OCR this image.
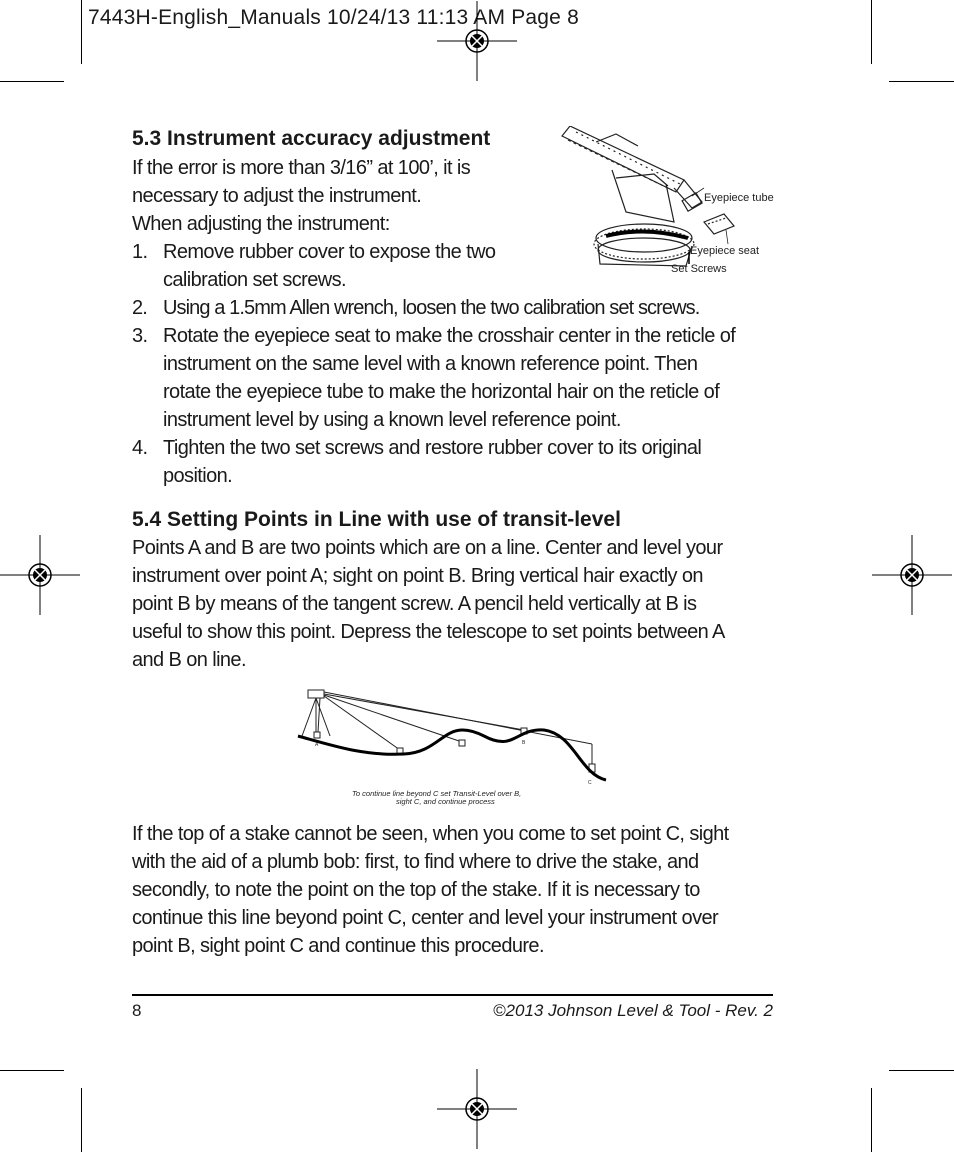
7443H-English_Manuals 10/24/13 11:13 AM Page 8
Eyepiece tube
Eyepiece seat
Set Screws
5.3 Instrument accuracy adjustment

If the error is more than 3/16” at 100’, it is

necessary to adjust the instrument.

When adjusting the instrument:

1. Remove rubber cover to expose the two
calibration set screws.
2. Using a 1.5mm Allen wrench, loosen the two calibration set screws.
3. Rotate the eyepiece seat to make the crosshair center in the reticle of
instrument on the same level with a known reference point. Then
rotate the eyepiece tube to make the horizontal hair on the reticle of
instrument level by using a known level reference point.
4. Tighten the two set screws and restore rubber cover to its original
position.
5.4 Setting Points in Line with use of transit-level

Points A and B are two points which are on a line. Center and level your

instrument over point A; sight on point B. Bring vertical hair exactly on

point B by means of the tangent screw. A pencil held vertically at B is

useful to show this point. Depress the telescope to set points between A

and B on line.

A	B
C
To continue line beyond C set Transit-Level over B,
sight C, and continue process

If the top of a stake cannot be seen, when you come to set point C, sight

with the aid of a plumb bob: first, to find where to drive the stake, and

secondly, to note the point on the top of the stake. If it is necessary to

continue this line beyond point C, center and level your instrument over

point B, sight point C and continue this procedure.

8	©2013 Johnson Level & Tool - Rev. 2
